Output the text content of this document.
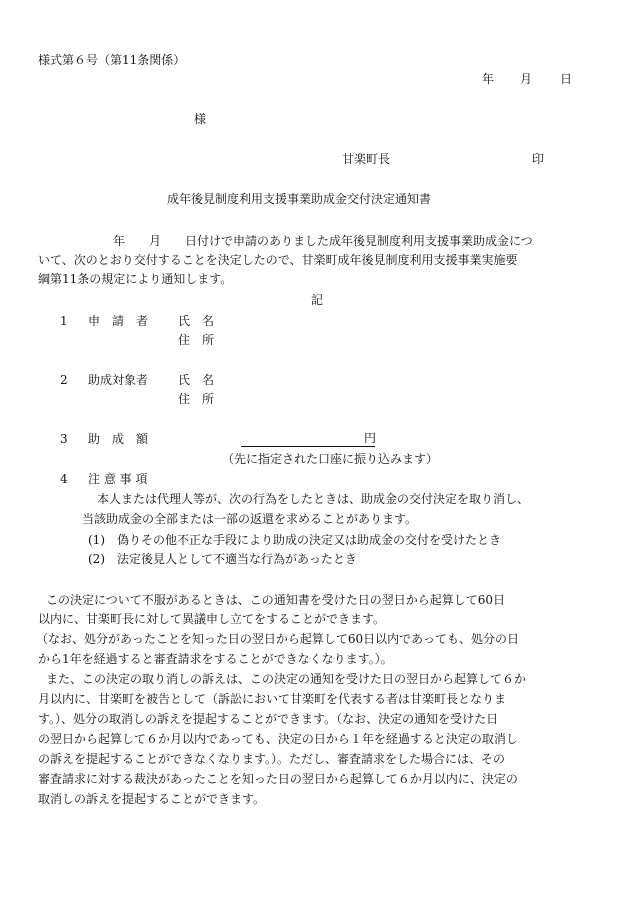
様式第６号（第11条関係）
年 月 日
様
甘楽町長	印
成年後見制度利用支援事業助成金交付決定通知書
年　　月　　日付けで申請のありました成年後見制度利用支援事業助成金につ
いて、次のとおり交付することを決定したので、甘楽町成年後見制度利用支援事業実施要
綱第11条の規定により通知します。
記
1 申　請　者 氏　名
住　所
2 助成対象者 氏　名
住　所
3 助　成　額	円
（先に指定された口座に振り込みます）
4 注 意 事 項
本人または代理人等が、次の行為をしたときは、助成金の交付決定を取り消し、
当該助成金の全部または一部の返還を求めることがあります。
(1)　偽りその他不正な手段により助成の決定又は助成金の交付を受けたとき
(2)　法定後見人として不適当な行為があったとき
この決定について不服があるときは、この通知書を受けた日の翌日から起算して60日
以内に、甘楽町長に対して異議申し立てをすることができます。
（なお、処分があったことを知った日の翌日から起算して60日以内であっても、処分の日
から1年を経過すると審査請求をすることができなくなります。）。
また、この決定の取り消しの訴えは、この決定の通知を受けた日の翌日から起算して６か
月以内に、甘楽町を被告として（訴訟において甘楽町を代表する者は甘楽町長となりま
す。）、処分の取消しの訴えを提起することができます。（なお、決定の通知を受けた日
の翌日から起算して６か月以内であっても、決定の日から１年を経過すると決定の取消し
の訴えを提起することができなくなります。）。ただし、審査請求をした場合には、その
審査請求に対する裁決があったことを知った日の翌日から起算して６か月以内に、決定の
取消しの訴えを提起することができます。
